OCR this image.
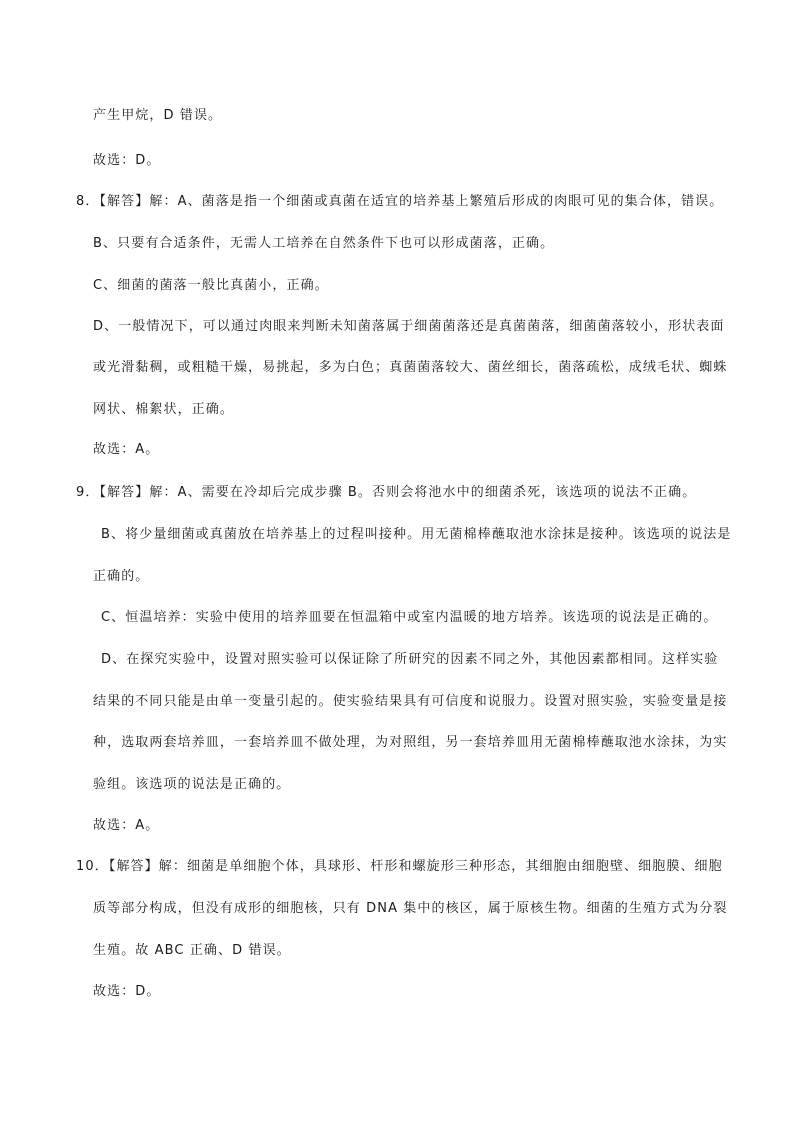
产生甲烷，D 错误。
故选：D。
8．【解答】解：A、菌落是指一个细菌或真菌在适宜的培养基上繁殖后形成的肉眼可见的集合体，错误。
B、只要有合适条件，无需人工培养在自然条件下也可以形成菌落，正确。
C、细菌的菌落一般比真菌小，正确。
D、一般情况下，可以通过肉眼来判断未知菌落属于细菌菌落还是真菌菌落，细菌菌落较小，形状表面
或光滑黏稠，或粗糙干燥，易挑起，多为白色；真菌菌落较大、菌丝细长，菌落疏松，成绒毛状、蜘蛛
网状、棉絮状，正确。
故选：A。
9．【解答】解：A、需要在冷却后完成步骤 B。否则会将池水中的细菌杀死，该选项的说法不正确。
B、将少量细菌或真菌放在培养基上的过程叫接种。用无菌棉棒蘸取池水涂抹是接种。该选项的说法是
正确的。
C、恒温培养：实验中使用的培养皿要在恒温箱中或室内温暖的地方培养。该选项的说法是正确的。
D、在探究实验中，设置对照实验可以保证除了所研究的因素不同之外，其他因素都相同。这样实验
结果的不同只能是由单一变量引起的。使实验结果具有可信度和说服力。设置对照实验，实验变量是接
种，选取两套培养皿，一套培养皿不做处理，为对照组，另一套培养皿用无菌棉棒蘸取池水涂抹，为实
验组。该选项的说法是正确的。
故选：A。
10．【解答】解：细菌是单细胞个体，具球形、杆形和螺旋形三种形态，其细胞由细胞壁、细胞膜、细胞
质等部分构成，但没有成形的细胞核，只有 DNA 集中的核区，属于原核生物。细菌的生殖方式为分裂
生殖。故 ABC 正确、D 错误。
故选：D。
